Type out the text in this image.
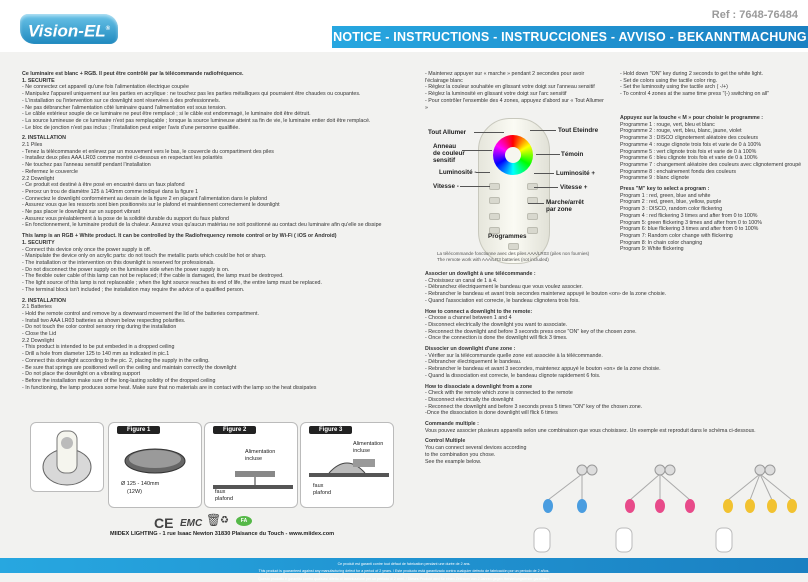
Vision-EL®
Ref : 7648-76484
NOTICE - INSTRUCTIONS - INSTRUCCIONES - AVVISO - BEKANNTMACHUNG

Ce luminaire est blanc + RGB. Il peut être contrôlé par la télécommande radiofréquence.

1. SECURITE

- Ne connectez cet appareil qu'une fois l'alimentation électrique coupée

- Manipulez l'appareil uniquement sur les parties en acrylique : ne touchez pas les parties métalliques qui pourraient être chaudes ou coupantes.

- L'installation ou l'intervention sur ce downlight sont réservées à des professionnels.

- Ne pas débrancher l'alimentation côté luminaire quand l'alimentation est sous tension.

- Le câble extérieur souple de ce luminaire ne peut être remplacé ; si le câble est endommagé, le luminaire doit être détruit.

- La source lumineuse de ce luminaire n'est pas remplaçable ; lorsque la source lumineuse atteint sa fin de vie, le luminaire entier doit être remplacé.

- Le bloc de jonction n'est pas inclus ; l'installation peut exiger l'avis d'une personne qualifiée.

2. INSTALLATION

2.1 Piles

- Tenez la télécommande et enlevez par un mouvement vers le bas, le couvercle du compartiment des piles

- Installez deux piles AAA LR03 comme montré ci-dessous en respectant les polarités

- Ne touchez pas l'anneau sensitif pendant l'installation

- Refermez le couvercle

2.2 Downlight

- Ce produit est destiné à être posé en encastré dans un faux plafond

- Percez un trou de diamètre 125 à 140mm comme indiqué dans la figure 1

- Connectez le downlight conformément au dessin de la figure 2 en plaçant l'alimentation dans le plafond

- Assurez vous que les ressorts sont bien positionnés sur le plafond et maintiennent correctement le downlight

- Ne pas placer le downlight sur un support vibrant

- Assurez vous préalablement à la pose de la solidité durable du support du faux plafond

- En fonctionnement, le luminaire produit de la chaleur. Assurez vous qu'aucun matériau ne soit positionné au contact deu luminaire afin qu'elle se dissipe

This lamp is an RGB + White product. It can be controlled by the Radiofrequency remote control or by Wi-Fi ( iOS or Android)

1. SECURITY

- Connect this device only once the power supply is off.

- Manipulate the device only on acrylic parts: do not touch the metallic parts which could be hot or sharp.

- The installation or the intervention on this downlight is reserved for professionals.

- Do not disconnect the power supply on the luminaire side when the power supply is on.

- The flexible outer cable of this lamp can not be replaced; if the cable is damaged, the lamp must be destroyed.

- The light source of this lamp is not replaceable ; when the light source reaches its end of life, the entire lamp must be replaced.

- The terminal block isn't included ; the installation may require the advice of a qualified person.

2. INSTALLATION

2.1 Batteries

- Hold the remote control and remove by a downward movement the lid of the batteries compartment.

- Install two AAA LR03 batteries as shown below respecting polarities.

- Do not touch the color control sensory ring during the installation

- Close the Lid

2.2 Downlight

- This product is intended to be put embeded in a dropped ceiling

- Drill a hole from diameter 125 to 140 mm as indicated in pic.1

- Connect this downlight according to the pic. 2, placing the supply in the ceiling.

- Be sure that springs are positioned well on the ceiling and maintain correctly the downlight

- Do not place the downlight on a vibrating support

- Before the installation make sure of the long-lasting solidity of the dropped ceiling

- In functioning, the lamp produces some heat. Make sure that no materials are in contact with the lamp so the heat dissipates

Figure 1
Ø 125 - 140mm
(12W)
Figure 2
Alimentation
incluse
faux
plafond
Figure 3
Alimentation
incluse
faux
plafond
CE EMC 🗑
♻	FA
MIIDEX LIGHTING - 1 rue Isaac Newton 31830 Plaisance du Touch - www.miidex.com

- Maintenez appuyer sur « marche » pendant 2 secondes pour avoir l'éclairage blanc

- Réglez la couleur souhaitée en glissant votre doigt sur l'anneau sensitif

- Réglez la luminosité en glissant votre doigt sur l'arc sensitif

- Pour contrôler l'ensemble des 4 zones, appuyez d'abord sur « Tout Allumer »

- Hold down "ON" key during 2 seconds to get the white light.

- Set de colors using the tactile color ring.

- Set the luminosity using the tactile arch ( -/+)

- To control 4 zones at the same time press "(-) switching on all"

Tout Allumer	Tout Eteindre
Anneau
de couleur
sensitif
Témoin
Luminosité -	Luminosité +
Vitesse -	Vitesse +
Marche/arrêt
par zone
Programmes

La télécommande fonctionne avec des piles AAA/LR03 (piles non fournies)

The remote work with AAA/LR3 batteries (not included)

Appuyez sur la touche « M » pour choisir le programme :

Programme 1 : rouge, vert, bleu et blanc

Programme 2 : rouge, vert, bleu, blanc, jaune, violet

Programme 3 : DISCO clignotement aléatoire des couleurs

Programme 4 : rouge clignote trois fois et varie de 0 à 100%

Programme 5 : vert clignote trois fois et varie de 0 à 100%

Programme 6 : bleu clignote trois fois et varie de 0 à 100%

Programme 7 : changement aléatoire des couleurs avec clignotement groupé

Programme 8 : enchainement fondu des couleurs

Programme 9 : blanc clignote

Press "M" key to select a program :

Program 1 : red, green, blue and white

Program 2 : red, green, blue, yellow, purple

Program 3 : DISCO, random color flickering

Program 4 : red flickering 3 times and after from 0 to 100%

Program 5: green flickering 3 times and after from 0 to 100%

Program 6: blue flickering 3 times and after from 0 to 100%

Program 7: Random color change with flickering

Program 8: In chain color changing

Program 9: White flickering

Associer un dowlight à une télécommande :

- Choisissez un canal de 1 à 4.

- Débranchez électriquement le bandeau que vous voulez associer.

- Rebrancher le bandeau et avant trois secondes maintenez appuyé le bouton «on» de la zone choisie.

- Quand l'association est correcte, le bandeau clignotera trois fois.

How to connect a downlight to the remote:

- Choose a channel between 1 and 4

- Disconnect electrically the downlight you want to associate.

- Reconnect the downlight and before 3 seconds press once "ON" key of the chosen zone.

- Once the connection is done the downlight will flick 3 times.

Dissocier un downlight d'une zone :

- Vérifier sur la télécommande quelle zone est associée à la télécommande.

- Débrancher électriquement le bandeau.

- Rebrancher le bandeau et avant 3 secondes, maintenez appuyé le bouton «on» de la zone choisie.

- Quand la dissociation est correcte, le bandeau clignote rapidement 6 fois.

How to dissociate a downlight from a zone

- Check with the remote which zone is connected to the remote

- Disconnect electrically the downlight

- Reconnect the downlight and before 3 seconds press 5 times "ON" key of the chosen zone.

-Once the dissociation is done downlight will flick 6 times

Commande multiple :

Vous pouvez associer plusieurs appareils selon une combinaison que vous choisissez. Un exemple est reproduit dans le schéma ci-dessous.

Control Multiple

You can connect several devices according

to the combination you chose.

See the example below.

Ce produit est garanti contre tout défaut de fabrication pendant une durée de 2 ans.

This product is guaranteed against any manufacturing defect for a period of 2 years. / Este producto está garantizado contra cualquier defecto de fabricación por un periodo de 2 años.

Questo prodotto è garantito contro qualsiasi difetto di fabbricazione per un periodo di 2 anni. / Dieses Produkt wird für einen Zeitraum von 2 Jahren gegen Herstellungsfehler garantiert.
